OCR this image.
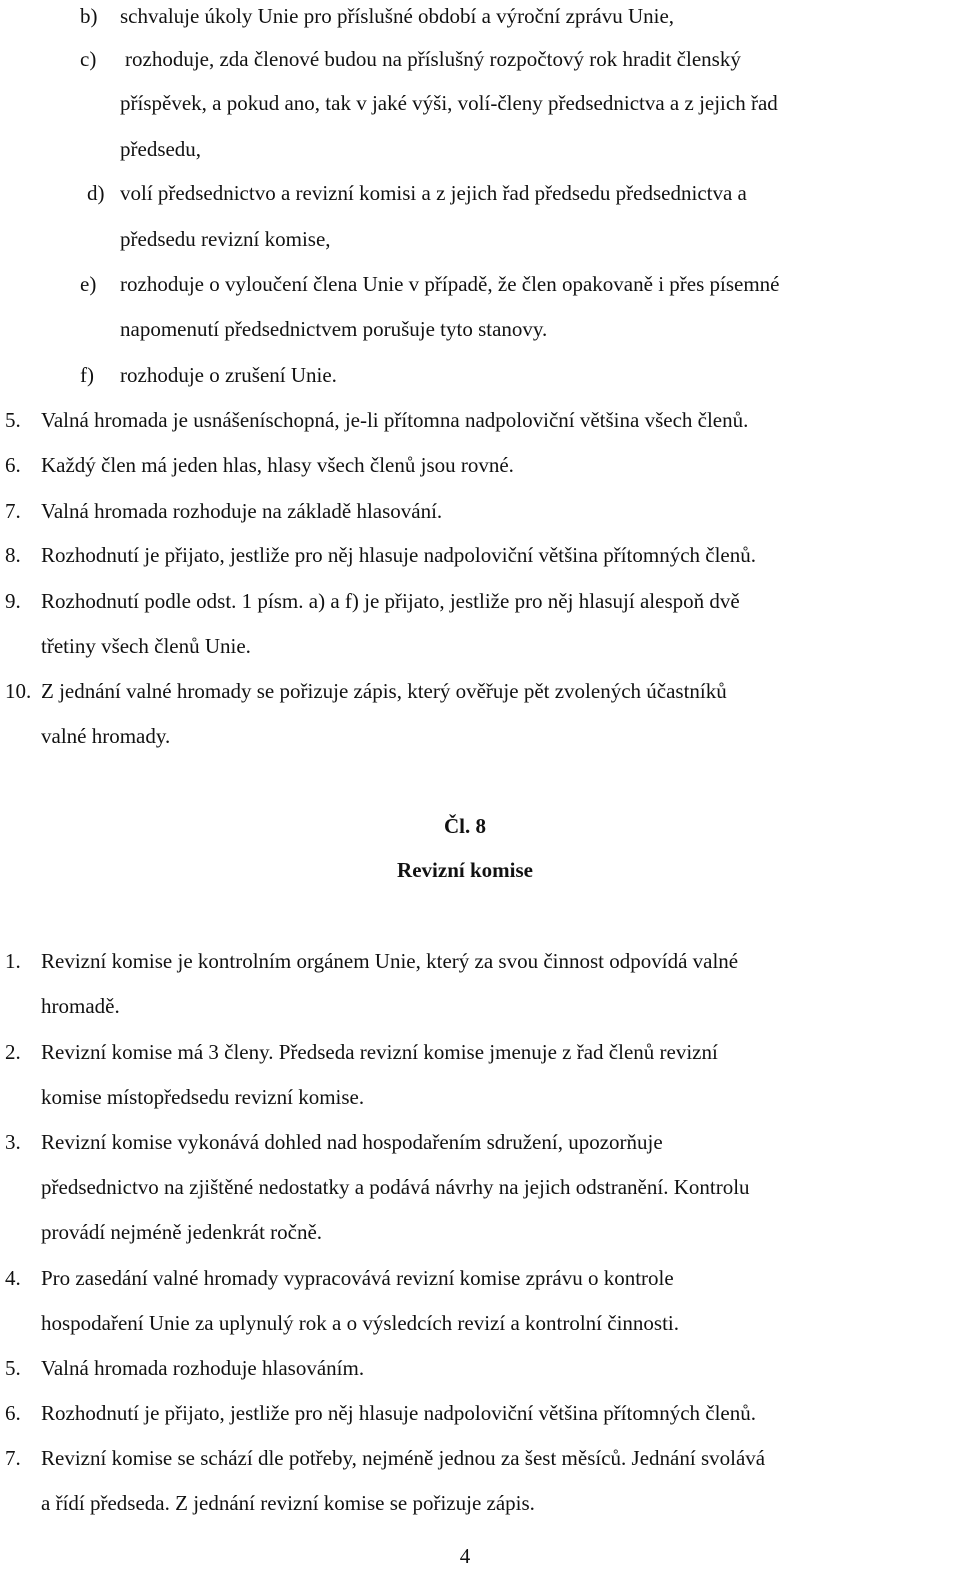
b) schvaluje úkoly Unie pro příslušné období a výroční zprávu Unie,
c) rozhoduje, zda členové budou na příslušný rozpočtový rok hradit členský
příspěvek, a pokud ano, tak v jaké výši, volí-členy předsednictva a z jejich řad
předsedu,
d) volí předsednictvo a revizní komisi a z jejich řad předsedu předsednictva a
předsedu revizní komise,
e) rozhoduje o vyloučení člena Unie v případě, že člen opakovaně i přes písemné
napomenutí předsednictvem porušuje tyto stanovy.
f) rozhoduje o zrušení Unie.
5. Valná hromada je usnášeníschopná, je-li přítomna nadpoloviční většina všech členů.
6. Každý člen má jeden hlas, hlasy všech členů jsou rovné.
7. Valná hromada rozhoduje na základě hlasování.
8. Rozhodnutí je přijato, jestliže pro něj hlasuje nadpoloviční většina přítomných členů.
9. Rozhodnutí podle odst. 1 písm. a) a f) je přijato, jestliže pro něj hlasují alespoň dvě
třetiny všech členů Unie.
10. Z jednání valné hromady se pořizuje zápis, který ověřuje pět zvolených účastníků
valné hromady.
Čl. 8
Revizní komise
1. Revizní komise je kontrolním orgánem Unie, který za svou činnost odpovídá valné
hromadě.
2. Revizní komise má 3 členy. Předseda revizní komise jmenuje z řad členů revizní
komise místopředsedu revizní komise.
3. Revizní komise vykonává dohled nad hospodařením sdružení, upozorňuje
předsednictvo na zjištěné nedostatky a podává návrhy na jejich odstranění. Kontrolu
provádí nejméně jedenkrát ročně.
4. Pro zasedání valné hromady vypracovává revizní komise zprávu o kontrole
hospodaření Unie za uplynulý rok a o výsledcích revizí a kontrolní činnosti.
5. Valná hromada rozhoduje hlasováním.
6. Rozhodnutí je přijato, jestliže pro něj hlasuje nadpoloviční většina přítomných členů.
7. Revizní komise se schází dle potřeby, nejméně jednou za šest měsíců. Jednání svolává
a řídí předseda. Z jednání revizní komise se pořizuje zápis.
4
